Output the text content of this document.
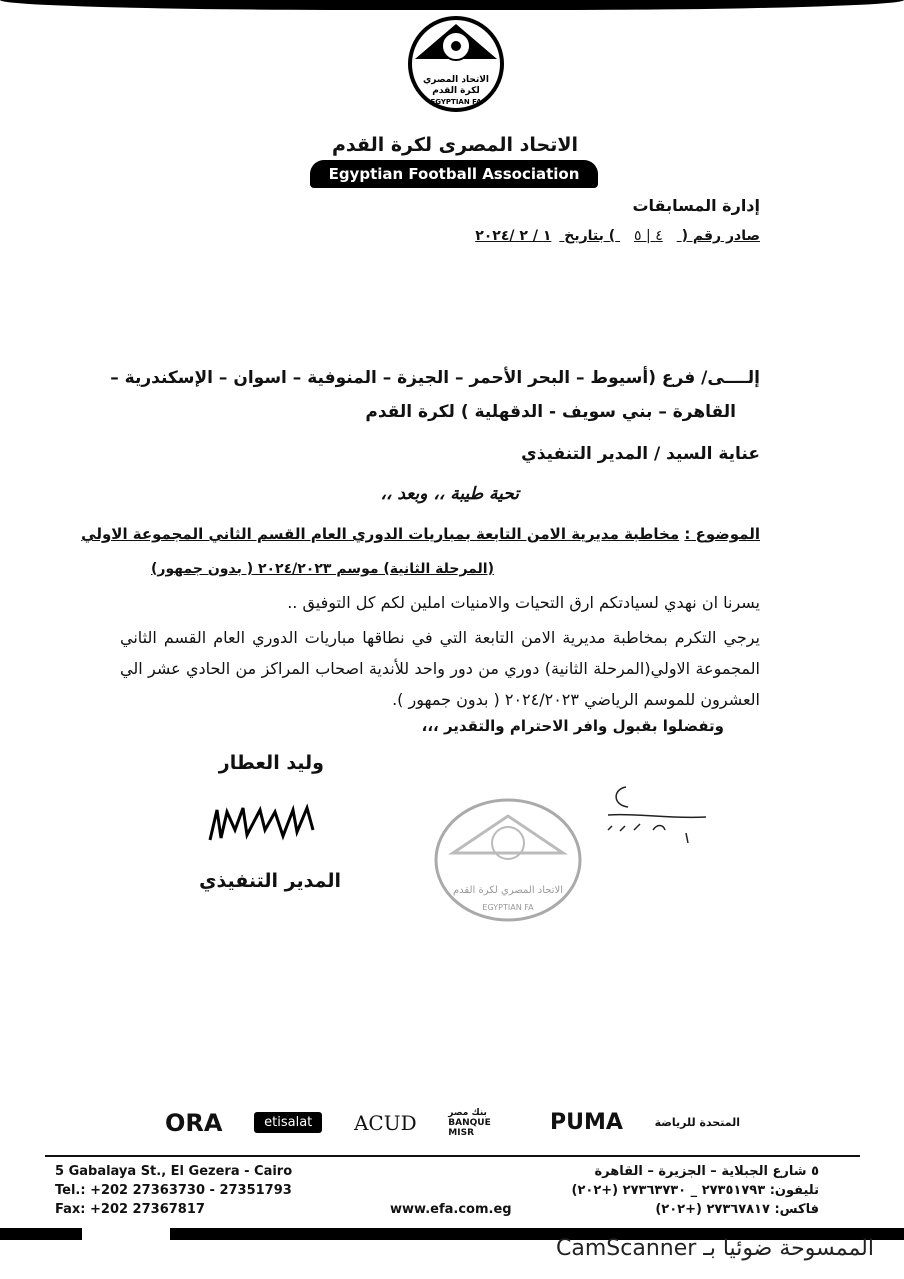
الاتحاد المصري
لكرة القدم
EGYPTIAN FA
الاتحاد المصرى لكرة القدم
Egyptian Football Association
إدارة المسابقات
صادر رقم ( ٤ | ٥ ) بتاريخ ١ / ٢ /٢٠٢٤
إلــــى/ فرع (أسيوط – البحر الأحمر – الجيزة – المنوفية – اسوان – الإسكندرية –
القاهرة – بني سويف - الدقهلية ) لكرة القدم
عناية السيد / المدير التنفيذي
تحية طيبة ،، وبعد ،،
الموضوع : مخاطبة مديرية الامن التابعة بمباريات الدوري العام القسم الثاني المجموعة الاولي
(المرحلة الثانية) موسم ٢٠٢٤/٢٠٢٣ ( بدون جمهور)
يسرنا ان نهدي لسيادتكم ارق التحيات والامنيات املين لكم كل التوفيق ..
يرجي التكرم بمخاطبة مديرية الامن التابعة التي في نطاقها مباريات الدوري العام القسم الثاني المجموعة الاولي(المرحلة الثانية) دوري من دور واحد للأندية اصحاب المراكز من الحادي عشر الي العشرون للموسم الرياضي ٢٠٢٤/٢٠٢٣ ( بدون جمهور ).
وتفضلوا بقبول وافر الاحترام والتقدير ،،،
وليد العطار
المدير التنفيذي	الاتحاد المصري لكرة القدم
EGYPTIAN FA
ORA	etisalat	ACUD	بنك مصر BANQUE MISR	PUMA	المتحدة للرياضة
5 Gabalaya St., El Gezera - Cairo
Tel.: +202 27363730 - 27351793
Fax: +202 27367817	www.efa.com.eg
٥ شارع الجبلاية – الجزيرة – القاهرة
تليفون: ٢٧٣٥١٧٩٣ _ ٢٧٣٦٣٧٣٠ (+٢٠٢)
فاكس: ٢٧٣٦٧٨١٧ (+٢٠٢)
الممسوحة ضوئيا بـ CamScanner
